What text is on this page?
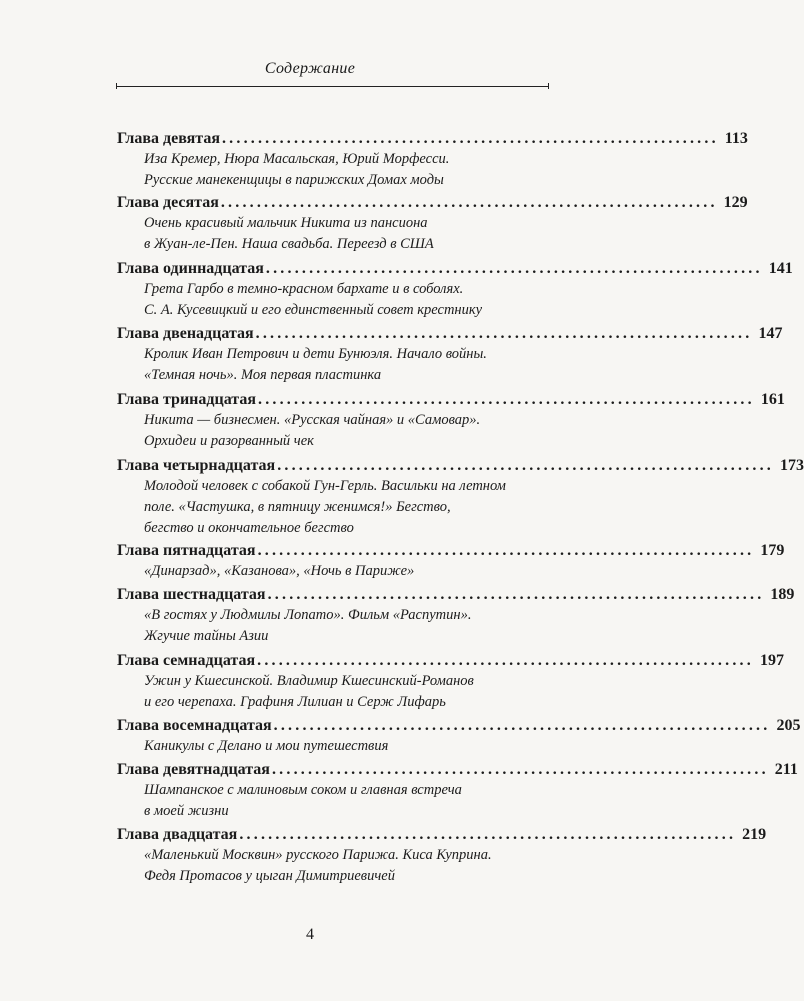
Содержание
Глава девятая ..................................................................... 113
Иза Кремер, Нюра Масальская, Юрий Морфесси.
Русские манекенщицы в парижских Домах моды
Глава десятая ..................................................................... 129
Очень красивый мальчик Никита из пансиона
в Жуан-ле-Пен. Наша свадьба. Переезд в США
Глава одиннадцатая ..................................................................... 141
Грета Гарбо в темно-красном бархате и в соболях.
С. А. Кусевицкий и его единственный совет крестнику
Глава двенадцатая ..................................................................... 147
Кролик Иван Петрович и дети Бунюэля. Начало войны.
«Темная ночь». Моя первая пластинка
Глава тринадцатая ..................................................................... 161
Никита — бизнесмен. «Русская чайная» и «Самовар».
Орхидеи и разорванный чек
Глава четырнадцатая ..................................................................... 173
Молодой человек с собакой Гун-Герль. Васильки на летном
поле. «Частушка, в пятницу женимся!» Бегство,
бегство и окончательное бегство
Глава пятнадцатая ..................................................................... 179
«Динарзад», «Казанова», «Ночь в Париже»
Глава шестнадцатая ..................................................................... 189
«В гостях у Людмилы Лопато». Фильм «Распутин».
Жгучие тайны Азии
Глава семнадцатая ..................................................................... 197
Ужин у Кшесинской. Владимир Кшесинский-Романов
и его черепаха. Графиня Лилиан и Серж Лифарь
Глава восемнадцатая ..................................................................... 205
Каникулы с Делано и мои путешествия
Глава девятнадцатая ..................................................................... 211
Шампанское с малиновым соком и главная встреча
в моей жизни
Глава двадцатая ..................................................................... 219
«Маленький Москвин» русского Парижа. Киса Куприна.
Федя Протасов у цыган Димитриевичей
4
